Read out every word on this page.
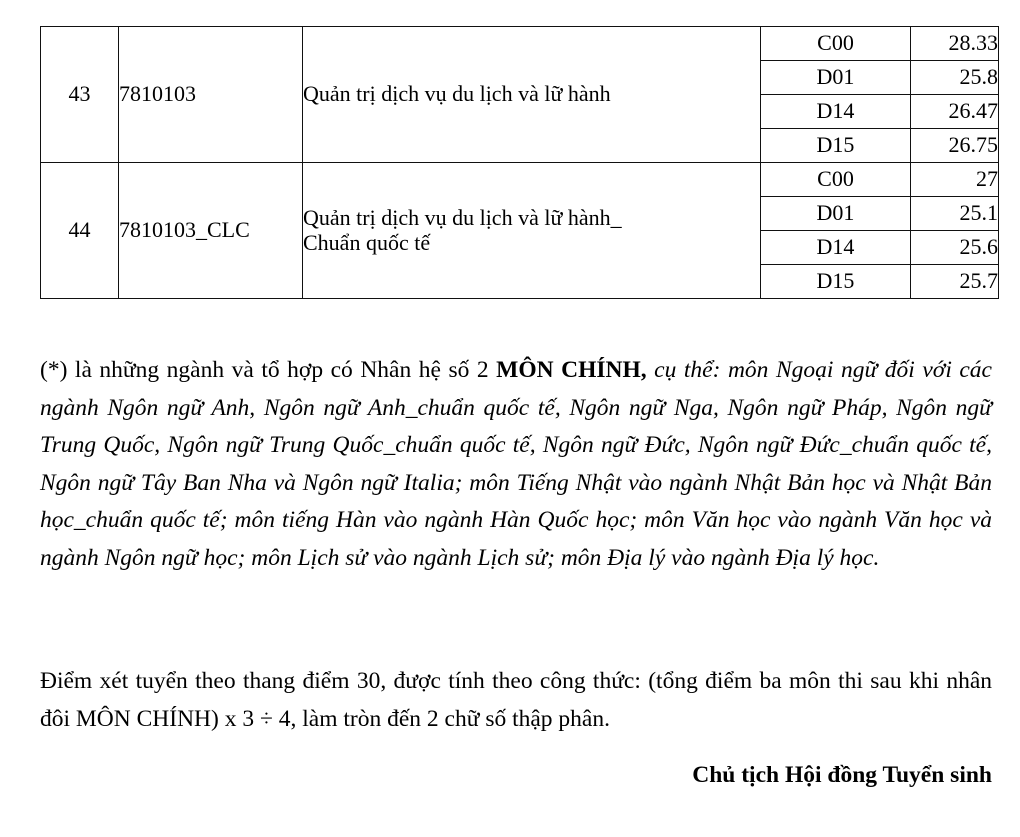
43	7810103	Quản trị dịch vụ du lịch và lữ hành	C00	28.33
			D01	25.8
			D14	26.47
			D15	26.75
44	7810103_CLC	Quản trị dịch vụ du lịch và lữ hành_
Chuẩn quốc tế	C00	27
			D01	25.1
			D14	25.6
			D15	25.7

(*) là những ngành và tổ hợp có Nhân hệ số 2 MÔN CHÍNH, cụ thể: môn Ngoại ngữ đối với các ngành Ngôn ngữ Anh, Ngôn ngữ Anh_chuẩn quốc tế, Ngôn ngữ Nga, Ngôn ngữ Pháp, Ngôn ngữ Trung Quốc, Ngôn ngữ Trung Quốc_chuẩn quốc tế, Ngôn ngữ Đức, Ngôn ngữ Đức_chuẩn quốc tế, Ngôn ngữ Tây Ban Nha và Ngôn ngữ Italia; môn Tiếng Nhật vào ngành Nhật Bản học và Nhật Bản học_chuẩn quốc tế; môn tiếng Hàn vào ngành Hàn Quốc học; môn Văn học vào ngành Văn học và ngành Ngôn ngữ học; môn Lịch sử vào ngành Lịch sử; môn Địa lý vào ngành Địa lý học.

Điểm xét tuyển theo thang điểm 30, được tính theo công thức: (tổng điểm ba môn thi sau khi nhân đôi MÔN CHÍNH) x 3 ÷ 4, làm tròn đến 2 chữ số thập phân.

Chủ tịch Hội đồng Tuyển sinh
